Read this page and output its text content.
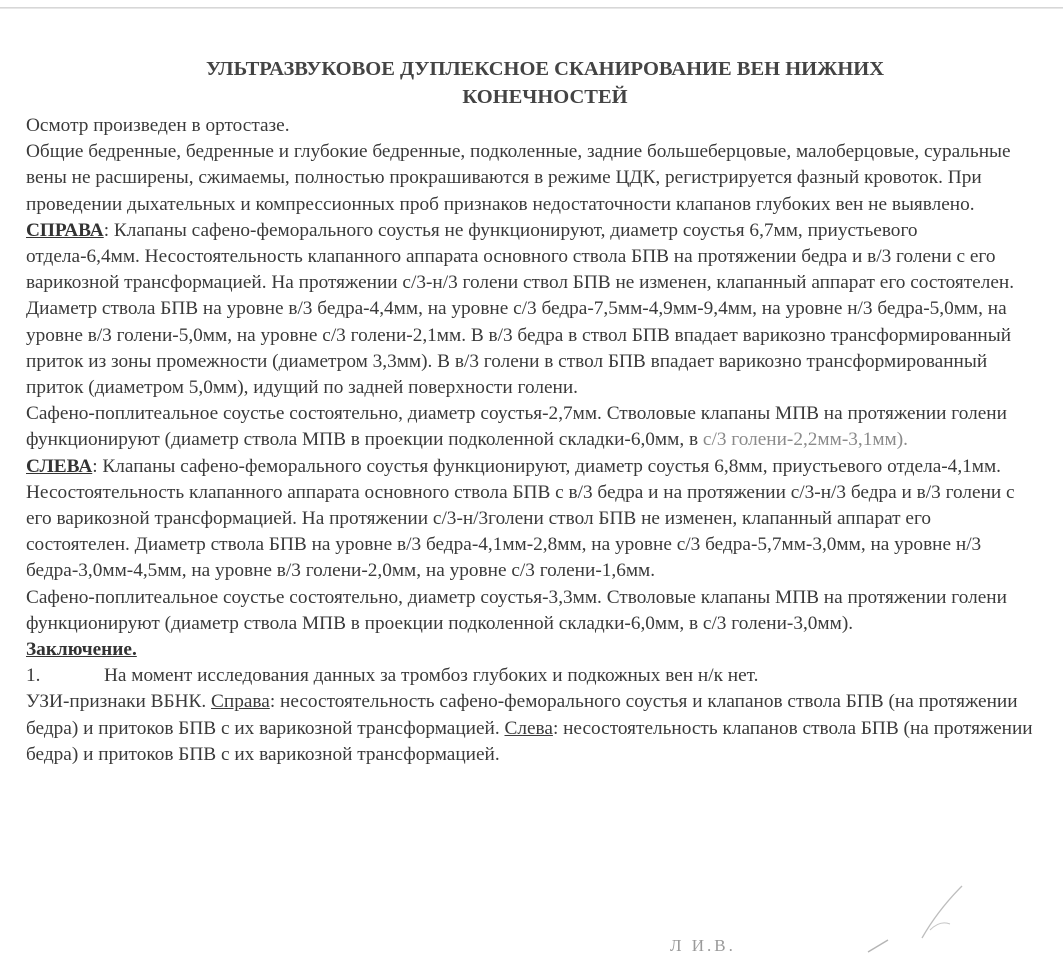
УЛЬТРАЗВУКОВОЕ ДУПЛЕКСНОЕ СКАНИРОВАНИЕ ВЕН НИЖНИХ
КОНЕЧНОСТЕЙ

Осмотр произведен в ортостазе.

Общие бедренные, бедренные и глубокие бедренные, подколенные, задние большеберцовые, малоберцовые, суральные вены не расширены, сжимаемы, полностью прокрашиваются в режиме ЦДК, регистрируется фазный кровоток. При проведении дыхательных и компрессионных проб признаков недостаточности клапанов глубоких вен не выявлено.

СПРАВА: Клапаны сафено-феморального соустья не функционируют, диаметр соустья 6,7мм, приустьевого отдела-6,4мм. Несостоятельность клапанного аппарата основного ствола БПВ на протяжении бедра и в/3 голени с его варикозной трансформацией. На протяжении с/3-н/3 голени ствол БПВ не изменен, клапанный аппарат его состоятелен. Диаметр ствола БПВ на уровне в/3 бедра-4,4мм, на уровне с/3 бедра-7,5мм-4,9мм-9,4мм, на уровне н/3 бедра-5,0мм, на уровне в/3 голени-5,0мм, на уровне с/3 голени-2,1мм. В в/3 бедра в ствол БПВ впадает варикозно трансформированный приток из зоны промежности (диаметром 3,3мм). В в/3 голени в ствол БПВ впадает варикозно трансформированный приток (диаметром 5,0мм), идущий по задней поверхности голени.

Сафено-поплитеальное соустье состоятельно, диаметр соустья-2,7мм. Стволовые клапаны МПВ на протяжении голени функционируют (диаметр ствола МПВ в проекции подколенной складки-6,0мм, в с/3 голени-2,2мм-3,1мм).

СЛЕВА: Клапаны сафено-феморального соустья функционируют, диаметр соустья 6,8мм, приустьевого отдела-4,1мм. Несостоятельность клапанного аппарата основного ствола БПВ с в/3 бедра и на протяжении с/3-н/3 бедра и в/3 голени с его варикозной трансформацией. На протяжении с/3-н/3голени ствол БПВ не изменен, клапанный аппарат его состоятелен. Диаметр ствола БПВ на уровне в/3 бедра-4,1мм-2,8мм, на уровне с/3 бедра-5,7мм-3,0мм, на уровне н/3 бедра-3,0мм-4,5мм, на уровне в/3 голени-2,0мм, на уровне с/3 голени-1,6мм.

Сафено-поплитеальное соустье состоятельно, диаметр соустья-3,3мм. Стволовые клапаны МПВ на протяжении голени функционируют (диаметр ствола МПВ в проекции подколенной складки-6,0мм, в с/3 голени-3,0мм).

Заключение.

1.	На момент исследования данных за тромбоз глубоких и подкожных вен н/к нет.

УЗИ-признаки ВБНК. Справа: несостоятельность сафено-феморального соустья и клапанов ствола БПВ (на протяжении бедра) и притоков БПВ с их варикозной трансформацией. Слева: несостоятельность клапанов ствола БПВ (на протяжении бедра) и притоков БПВ с их варикозной трансформацией.

Л И.В.
